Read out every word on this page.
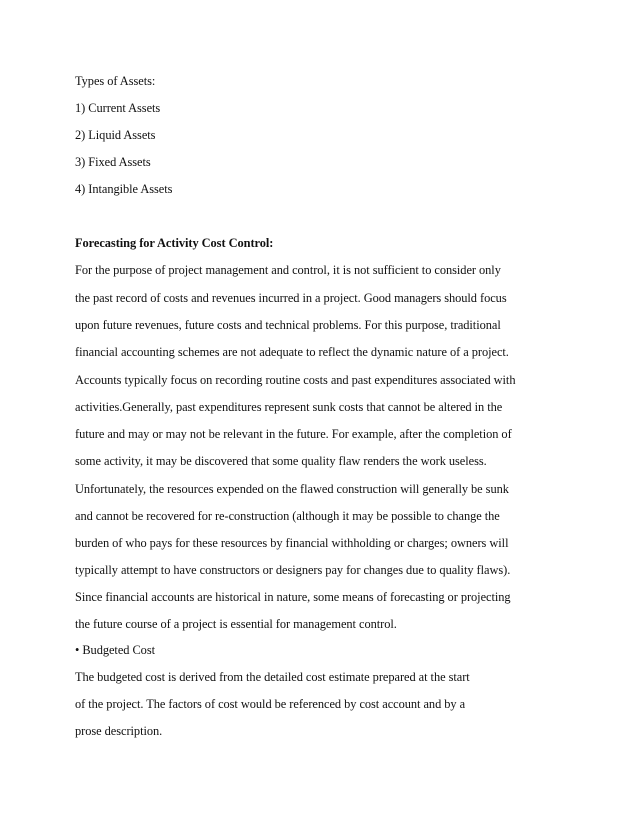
Types of Assets:
1) Current Assets
2) Liquid Assets
3) Fixed Assets
4) Intangible Assets
Forecasting for Activity Cost Control:
For the purpose of project management and control, it is not sufficient to consider only
the past record of costs and revenues incurred in a project. Good managers should focus
upon future revenues, future costs and technical problems. For this purpose, traditional
financial accounting schemes are not adequate to reflect the dynamic nature of a project.
Accounts typically focus on recording routine costs and past expenditures associated with
activities.Generally, past expenditures represent sunk costs that cannot be altered in the
future and may or may not be relevant in the future. For example, after the completion of
some activity, it may be discovered that some quality flaw renders the work useless.
Unfortunately, the resources expended on the flawed construction will generally be sunk
and cannot be recovered for re-construction (although it may be possible to change the
burden of who pays for these resources by financial withholding or charges; owners will
typically attempt to have constructors or designers pay for changes due to quality flaws).
Since financial accounts are historical in nature, some means of forecasting or projecting
the future course of a project is essential for management control.
• Budgeted Cost
The budgeted cost is derived from the detailed cost estimate prepared at the start
of the project. The factors of cost would be referenced by cost account and by a
prose description.
